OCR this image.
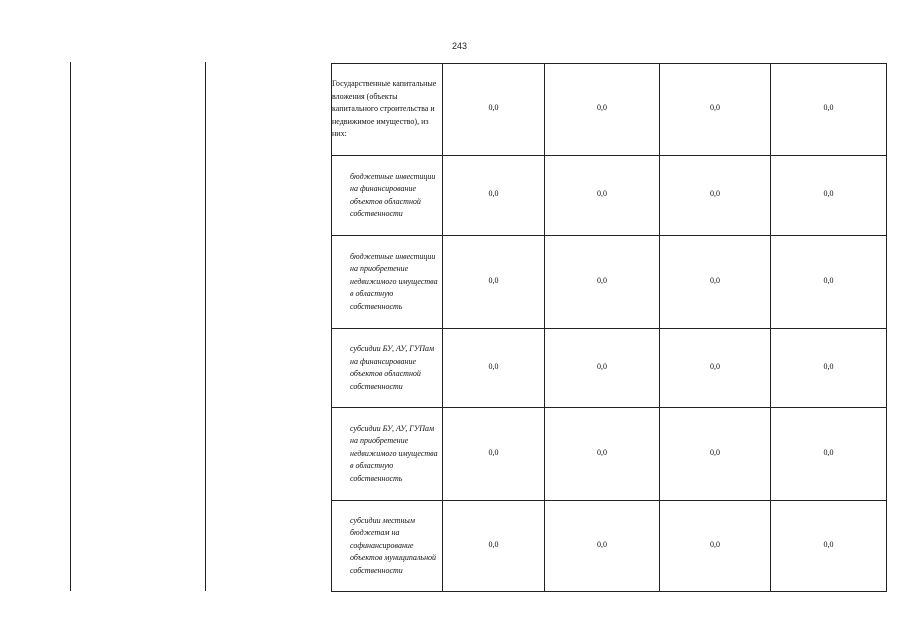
243
Государственные капитальные вложения (объекты капитального строительства и недвижимое имущество), из них:	0,0	0,0	0,0	0,0
бюджетные инвестиции на финансирование объектов областной собственности	0,0	0,0	0,0	0,0
бюджетные инвестиции на приобретение недвижимого имущества в областную собственность	0,0	0,0	0,0	0,0
субсидии БУ, АУ, ГУПам на финансирование объектов областной собственности	0,0	0,0	0,0	0,0
субсидии БУ, АУ, ГУПам на приобретение недвижимого имущества в областную собственность	0,0	0,0	0,0	0,0
субсидии местным бюджетам на софинансирование объектов муниципальной собственности	0,0	0,0	0,0	0,0
